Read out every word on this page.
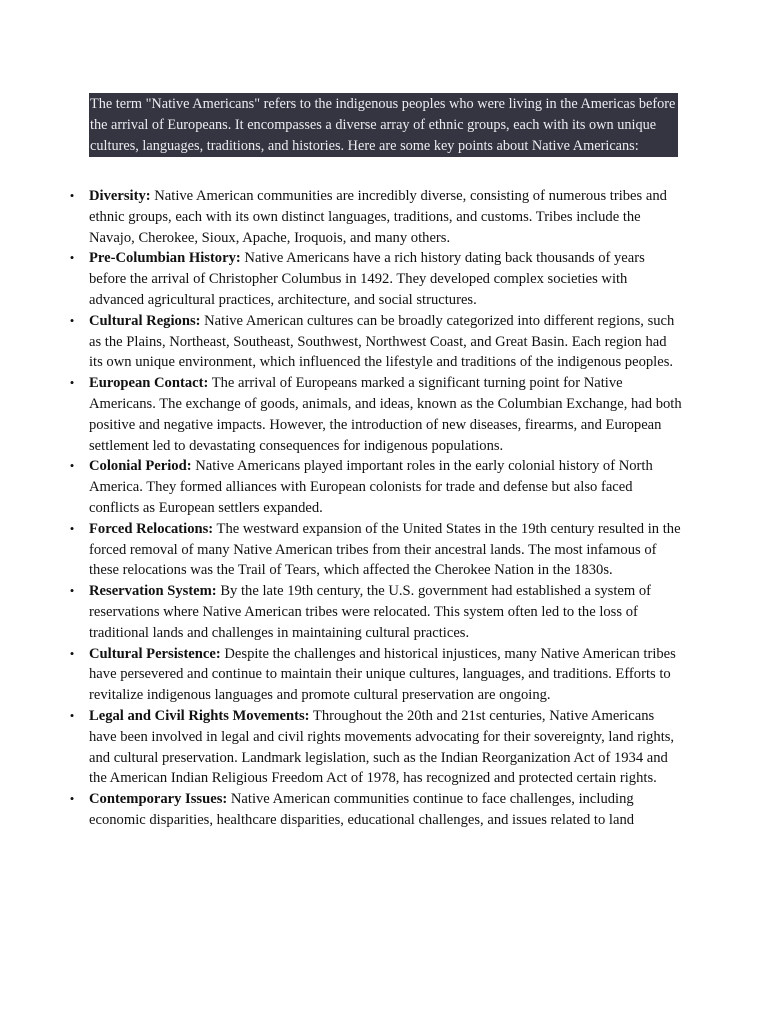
The term "Native Americans" refers to the indigenous peoples who were living in the Americas before the arrival of Europeans. It encompasses a diverse array of ethnic groups, each with its own unique cultures, languages, traditions, and histories. Here are some key points about Native Americans:
• Diversity: Native American communities are incredibly diverse, consisting of numerous tribes and ethnic groups, each with its own distinct languages, traditions, and customs. Tribes include the Navajo, Cherokee, Sioux, Apache, Iroquois, and many others.
• Pre-Columbian History: Native Americans have a rich history dating back thousands of years before the arrival of Christopher Columbus in 1492. They developed complex societies with advanced agricultural practices, architecture, and social structures.
• Cultural Regions: Native American cultures can be broadly categorized into different regions, such as the Plains, Northeast, Southeast, Southwest, Northwest Coast, and Great Basin. Each region had its own unique environment, which influenced the lifestyle and traditions of the indigenous peoples.
• European Contact: The arrival of Europeans marked a significant turning point for Native Americans. The exchange of goods, animals, and ideas, known as the Columbian Exchange, had both positive and negative impacts. However, the introduction of new diseases, firearms, and European settlement led to devastating consequences for indigenous populations.
• Colonial Period: Native Americans played important roles in the early colonial history of North America. They formed alliances with European colonists for trade and defense but also faced conflicts as European settlers expanded.
• Forced Relocations: The westward expansion of the United States in the 19th century resulted in the forced removal of many Native American tribes from their ancestral lands. The most infamous of these relocations was the Trail of Tears, which affected the Cherokee Nation in the 1830s.
• Reservation System: By the late 19th century, the U.S. government had established a system of reservations where Native American tribes were relocated. This system often led to the loss of traditional lands and challenges in maintaining cultural practices.
• Cultural Persistence: Despite the challenges and historical injustices, many Native American tribes have persevered and continue to maintain their unique cultures, languages, and traditions. Efforts to revitalize indigenous languages and promote cultural preservation are ongoing.
• Legal and Civil Rights Movements: Throughout the 20th and 21st centuries, Native Americans have been involved in legal and civil rights movements advocating for their sovereignty, land rights, and cultural preservation. Landmark legislation, such as the Indian Reorganization Act of 1934 and the American Indian Religious Freedom Act of 1978, has recognized and protected certain rights.
• Contemporary Issues: Native American communities continue to face challenges, including economic disparities, healthcare disparities, educational challenges, and issues related to land
